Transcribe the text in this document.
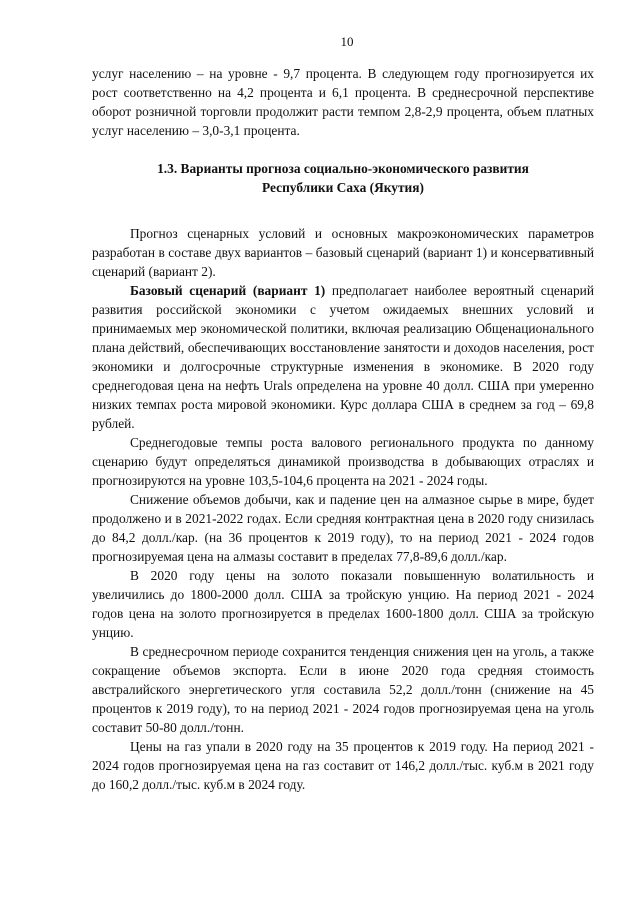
10

услуг населению – на уровне - 9,7 процента. В следующем году прогнозируется их рост соответственно на 4,2 процента и 6,1 процента. В среднесрочной перспективе оборот розничной торговли продолжит расти темпом 2,8-2,9 процента, объем платных услуг населению – 3,0-3,1 процента.

1.3. Варианты прогноза социально-экономического развития
Республики Саха (Якутия)

Прогноз сценарных условий и основных макроэкономических параметров разработан в составе двух вариантов – базовый сценарий (вариант 1) и консервативный сценарий (вариант 2).

Базовый сценарий (вариант 1) предполагает наиболее вероятный сценарий развития российской экономики с учетом ожидаемых внешних условий и принимаемых мер экономической политики, включая реализацию Общенационального плана действий, обеспечивающих восстановление занятости и доходов населения, рост экономики и долгосрочные структурные изменения в экономике. В 2020 году среднегодовая цена на нефть Urals определена на уровне 40 долл. США при умеренно низких темпах роста мировой экономики. Курс доллара США в среднем за год – 69,8 рублей.

Среднегодовые темпы роста валового регионального продукта по данному сценарию будут определяться динамикой производства в добывающих отраслях и прогнозируются на уровне 103,5-104,6 процента на 2021 - 2024 годы.

Снижение объемов добычи, как и падение цен на алмазное сырье в мире, будет продолжено и в 2021-2022 годах. Если средняя контрактная цена в 2020 году снизилась до 84,2 долл./кар. (на 36 процентов к 2019 году), то на период 2021 - 2024 годов прогнозируемая цена на алмазы составит в пределах 77,8-89,6 долл./кар.

В 2020 году цены на золото показали повышенную волатильность и увеличились до 1800-2000 долл. США за тройскую унцию. На период 2021 - 2024 годов цена на золото прогнозируется в пределах 1600-1800 долл. США за тройскую унцию.

В среднесрочном периоде сохранится тенденция снижения цен на уголь, а также сокращение объемов экспорта. Если в июне 2020 года средняя стоимость австралийского энергетического угля составила 52,2 долл./тонн (снижение на 45 процентов к 2019 году), то на период 2021 - 2024 годов прогнозируемая цена на уголь составит 50-80 долл./тонн.

Цены на газ упали в 2020 году на 35 процентов к 2019 году. На период 2021 - 2024 годов прогнозируемая цена на газ составит от 146,2 долл./тыс. куб.м в 2021 году до 160,2 долл./тыс. куб.м в 2024 году.
